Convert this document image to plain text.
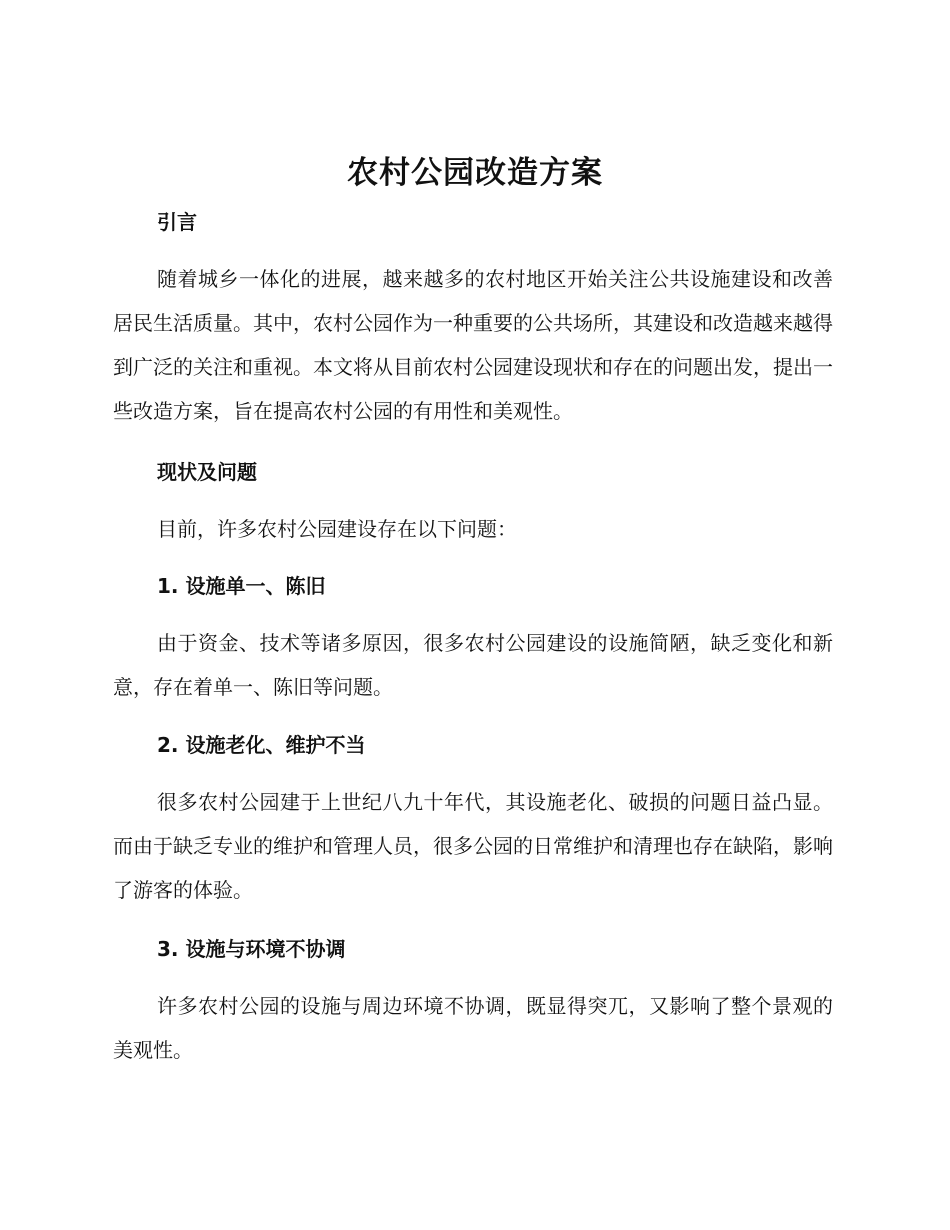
农村公园改造方案
引言

随着城乡一体化的进展，越来越多的农村地区开始关注公共设施建设和改善居民生活质量。其中，农村公园作为一种重要的公共场所，其建设和改造越来越得到广泛的关注和重视。本文将从目前农村公园建设现状和存在的问题出发，提出一些改造方案，旨在提高农村公园的有用性和美观性。

现状及问题

目前，许多农村公园建设存在以下问题：

1. 设施单一、陈旧

由于资金、技术等诸多原因，很多农村公园建设的设施简陋，缺乏变化和新意，存在着单一、陈旧等问题。

2. 设施老化、维护不当

很多农村公园建于上世纪八九十年代，其设施老化、破损的问题日益凸显。而由于缺乏专业的维护和管理人员，很多公园的日常维护和清理也存在缺陷，影响了游客的体验。

3. 设施与环境不协调

许多农村公园的设施与周边环境不协调，既显得突兀，又影响了整个景观的美观性。
